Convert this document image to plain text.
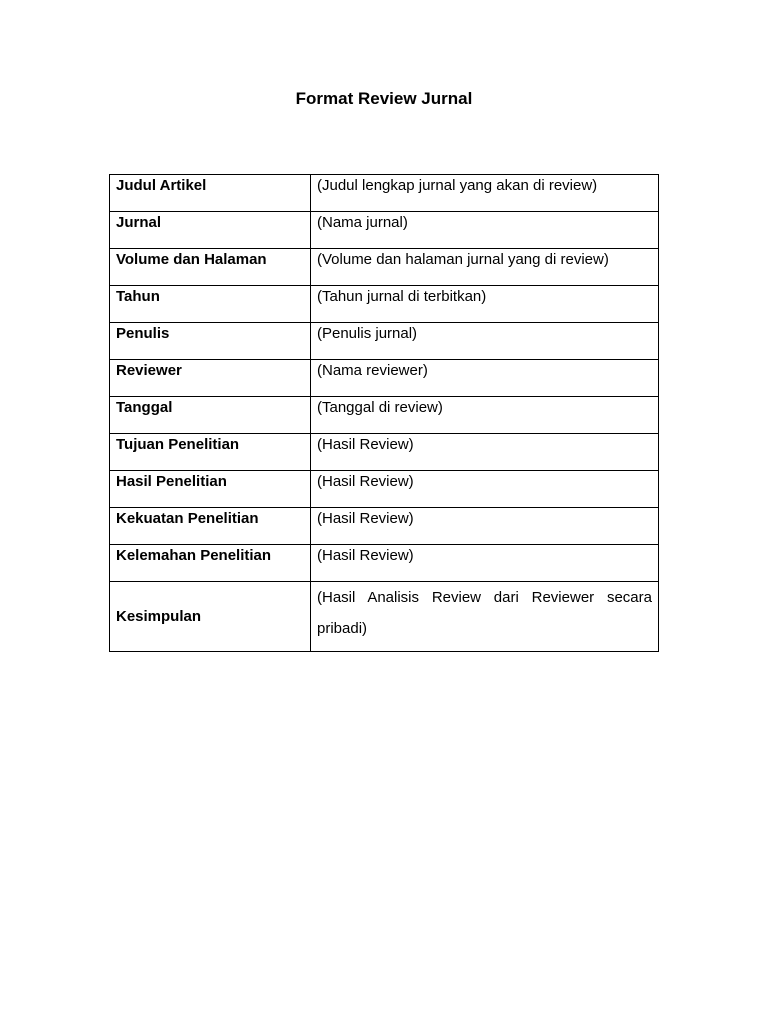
Format Review Jurnal
Judul Artikel	(Judul lengkap jurnal yang akan di review)
Jurnal	(Nama jurnal)
Volume dan Halaman	(Volume dan halaman jurnal yang di review)
Tahun	(Tahun jurnal di terbitkan)
Penulis	(Penulis jurnal)
Reviewer	(Nama reviewer)
Tanggal	(Tanggal di review)
Tujuan Penelitian	(Hasil Review)
Hasil Penelitian	(Hasil Review)
Kekuatan Penelitian	(Hasil Review)
Kelemahan Penelitian	(Hasil Review)
Kesimpulan	(Hasil Analisis Review dari Reviewer secara pribadi)
